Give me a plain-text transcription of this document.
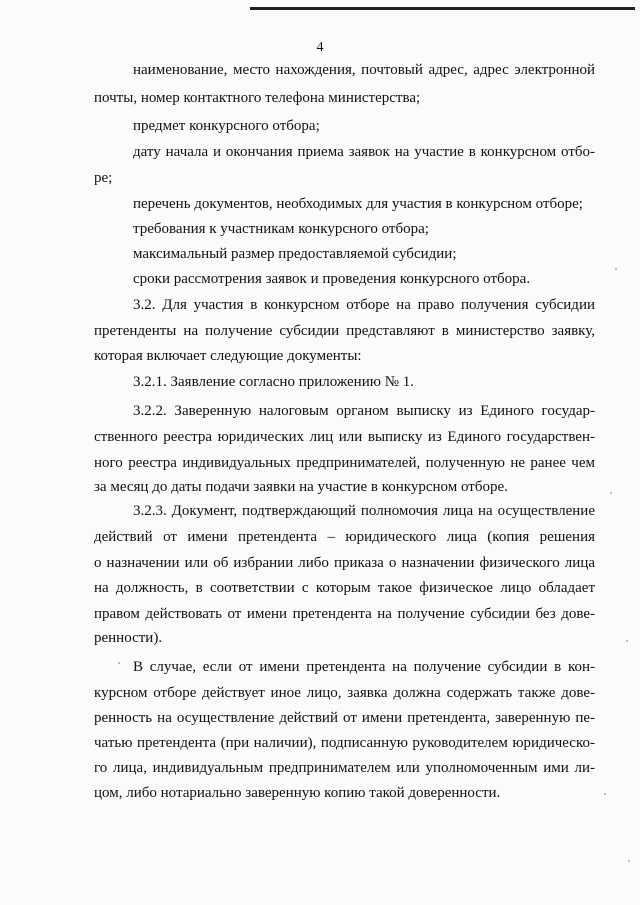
4
наименование, место нахождения, почтовый адрес, адрес электронной
почты, номер контактного телефона министерства;
предмет конкурсного отбора;
дату начала и окончания приема заявок на участие в конкурсном отбо-
ре;
перечень документов, необходимых для участия в конкурсном отборе;
требования к участникам конкурсного отбора;
максимальный размер предоставляемой субсидии;
сроки рассмотрения заявок и проведения конкурсного отбора.
3.2. Для участия в конкурсном отборе на право получения субсидии
претенденты на получение субсидии представляют в министерство заявку,
которая включает следующие документы:
3.2.1. Заявление согласно приложению № 1.
3.2.2. Заверенную налоговым органом выписку из Единого государ-
ственного реестра юридических лиц или выписку из Единого государствен-
ного реестра индивидуальных предпринимателей, полученную не ранее чем
за месяц до даты подачи заявки на участие в конкурсном отборе.
3.2.3. Документ, подтверждающий полномочия лица на осуществление
действий от имени претендента – юридического лица (копия решения
о назначении или об избрании либо приказа о назначении физического лица
на должность, в соответствии с которым такое физическое лицо обладает
правом действовать от имени претендента на получение субсидии без дове-
ренности).
В случае, если от имени претендента на получение субсидии в кон-
курсном отборе действует иное лицо, заявка должна содержать также дове-
ренность на осуществление действий от имени претендента, заверенную пе-
чатью претендента (при наличии), подписанную руководителем юридическо-
го лица, индивидуальным предпринимателем или уполномоченным ими ли-
цом, либо нотариально заверенную копию такой доверенности.
